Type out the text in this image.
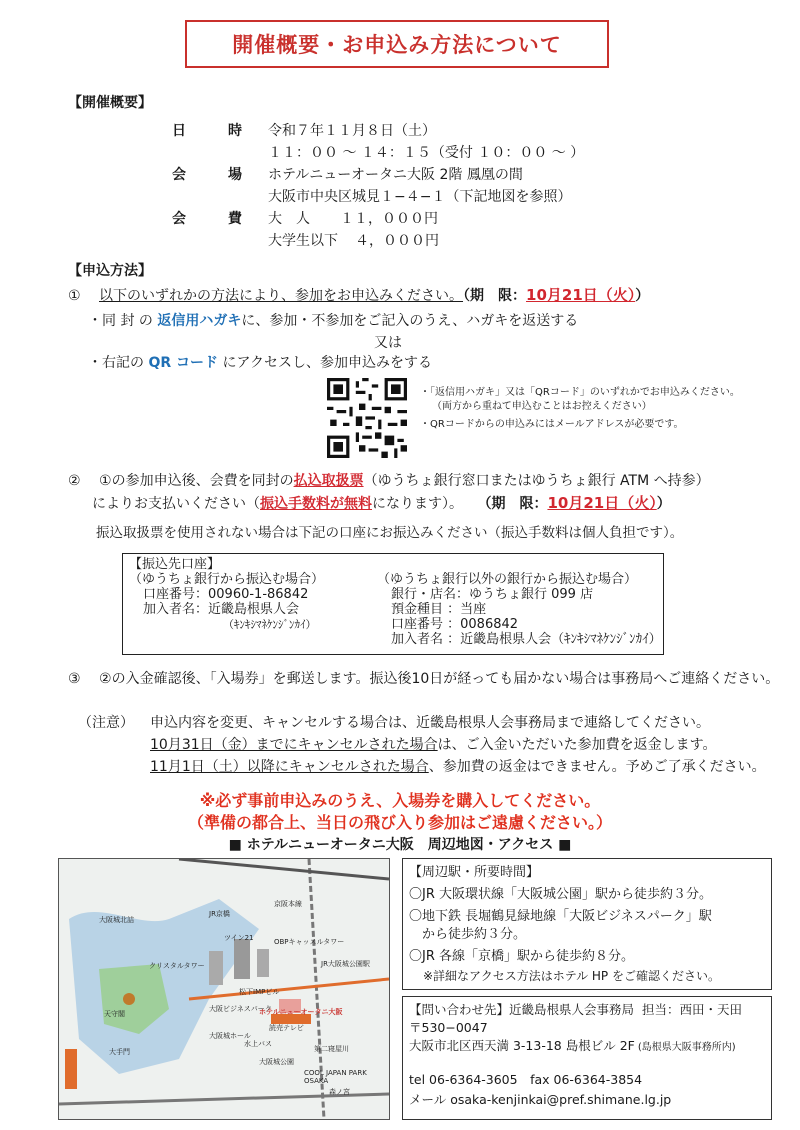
開催概要・お申込み方法について
【開催概要】
日　時 令和７年１１月８日（土）
１１：００ 〜 １４：１５（受付 １０：００ 〜 ）
会　場 ホテルニューオータニ大阪 2階 鳳凰の間
大阪市中央区城見１−４−１（下記地図を参照）
会　費 大　人 １１，０００円
大学生以下 ４，０００円
【申込方法】
① 以下のいずれかの方法により、参加をお申込みください。（期　限：10月21日（火））
・同 封 の 返信用ハガキに、参加・不参加をご記入のうえ、ハガキを返送する
又は
・右記の QR コード にアクセスし、参加申込みをする
・「返信用ハガキ」又は「QRコード」のいずれかでお申込みください。
（両方から重ねて申込むことはお控えください）
・QRコードからの申込みにはメールアドレスが必要です。
② ①の参加申込後、会費を同封の払込取扱票（ゆうちょ銀行窓口またはゆうちょ銀行 ATM へ持参）
によりお支払いください（振込手数料が無料になります）。 （期　限：10月21日（火））
振込取扱票を使用されない場合は下記の口座にお振込みください（振込手数料は個人負担です）。
【振込先口座】
（ゆうちょ銀行から振込む場合）
口座番号：00960-1-86842
加入者名：近畿島根県人会
（ｷﾝｷｼﾏﾈｹﾝｼﾞﾝｶｲ）
（ゆうちょ銀行以外の銀行から振込む場合）
銀行・店名：ゆうちょ銀行 099 店
預金種目 ：当座
口座番号 ：0086842
加入者名 ：近畿島根県人会（ｷﾝｷｼﾏﾈｹﾝｼﾞﾝｶｲ）
③ ②の入金確認後、「入場券」を郵送します。振込後10日が経っても届かない場合は事務局へご連絡ください。
（注意） 申込内容を変更、キャンセルする場合は、近畿島根県人会事務局まで連絡してください。
10月31日（金）までにキャンセルされた場合は、ご入金いただいた参加費を返金します。
11月1日（土）以降にキャンセルされた場合、参加費の返金はできません。予めご了承ください。
※必ず事前申込みのうえ、入場券を購入してください。
（準備の都合上、当日の飛び入り参加はご遠慮ください。）
■ ホテルニューオータニ大阪　周辺地図・アクセス ■
京阪本線
JR京橋
大阪城北詰
OBPキャッスルタワー
ツイン21
クリスタルタワー
松下IMPビル
ホテルニューオータニ大阪
大阪城ホール
大阪城公園
大手門
森ノ宮
JR大阪城公園駅
COOL JAPAN PARK OSAKA
大阪ビジネスパーク
読売テレビ
第二寝屋川
水上バス
天守閣
【周辺駅・所要時間】
〇JR 大阪環状線「大阪城公園」駅から徒歩約３分。
〇地下鉄 長堀鶴見緑地線「大阪ビジネスパーク」駅
　から徒歩約３分。
〇JR 各線「京橋」駅から徒歩約８分。
※詳細なアクセス方法はホテル HP をご確認ください。
【問い合わせ先】近畿島根県人会事務局 担当：西田・天田
〒530−0047
大阪市北区西天満 3-13-18 島根ビル 2F (島根県大阪事務所内)
tel 06-6364-3605　fax 06-6364-3854
メール osaka-kenjinkai@pref.shimane.lg.jp
